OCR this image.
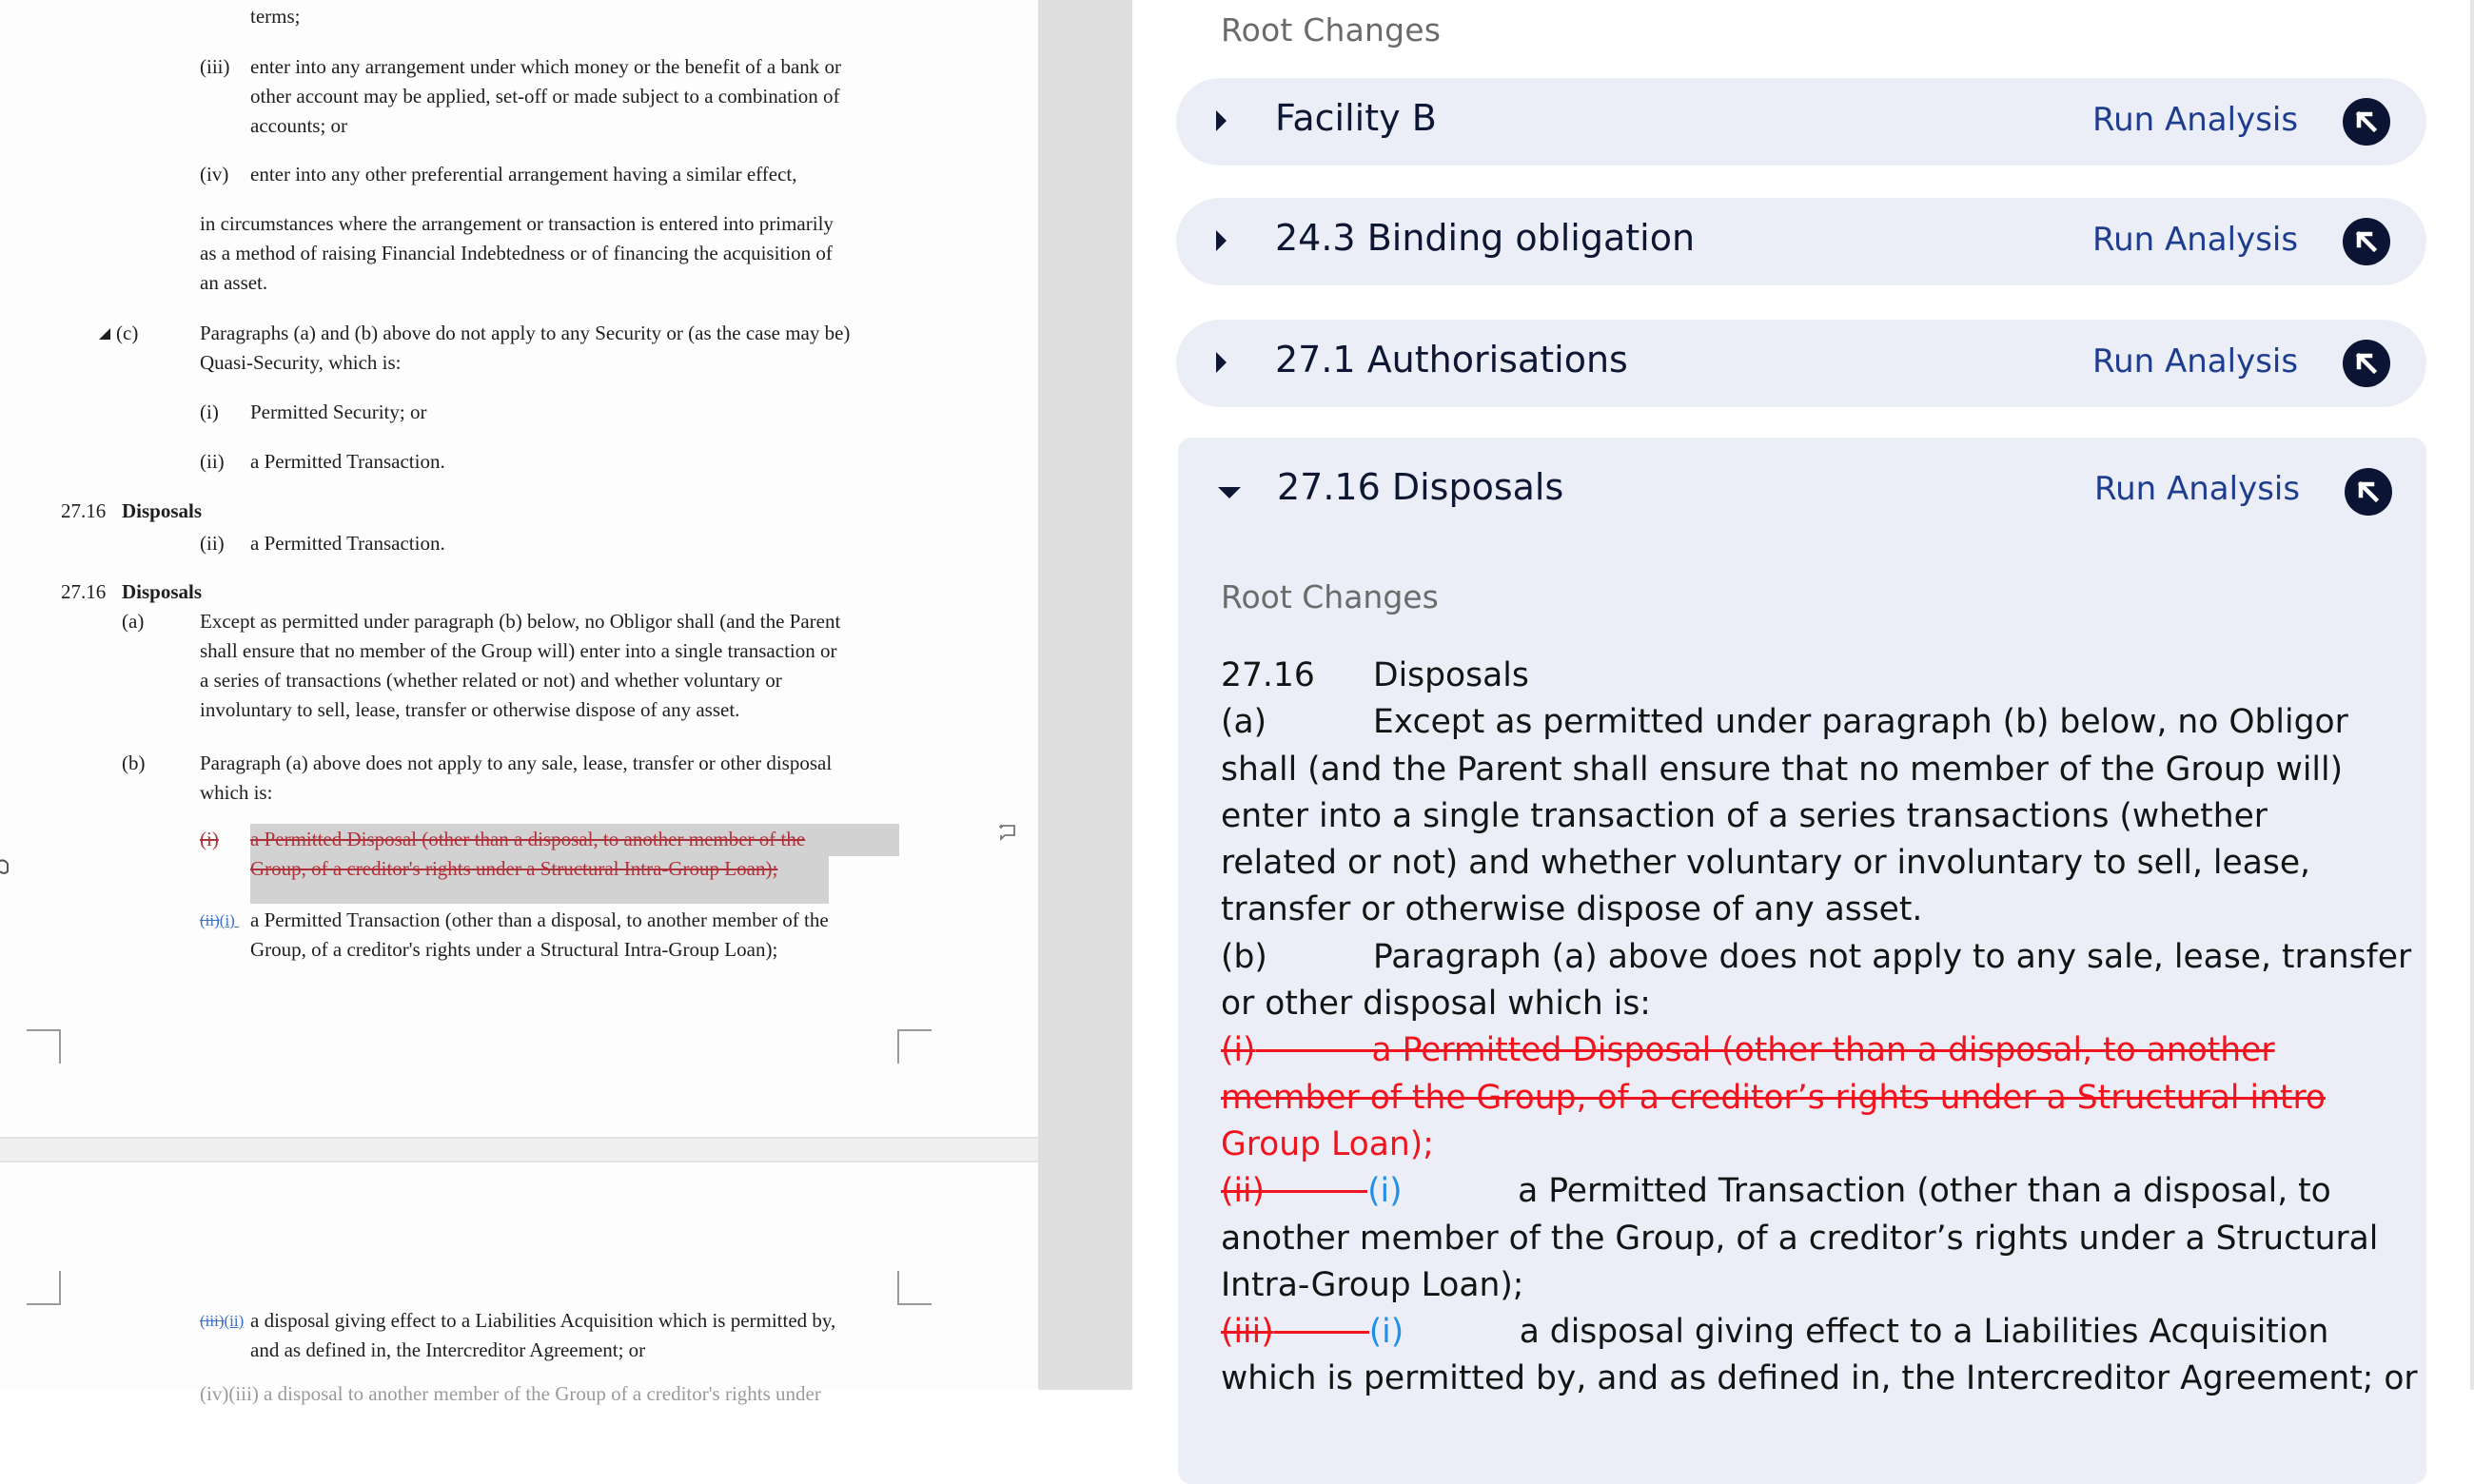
terms;
(iii) enter into any arrangement under which money or the benefit of a bank or
other account may be applied, set-off or made subject to a combination of
accounts; or
(iv) enter into any other preferential arrangement having a similar effect,
in circumstances where the arrangement or transaction is entered into primarily
as a method of raising Financial Indebtedness or of financing the acquisition of
an asset.
(c)	Paragraphs (a) and (b) above do not apply to any Security or (as the case may be)
Quasi-Security, which is:
(i) Permitted Security; or
(ii) a Permitted Transaction.
27.16 Disposals
(ii) a Permitted Transaction.
27.16 Disposals
(a)	Except as permitted under paragraph (b) below, no Obligor shall (and the Parent
shall ensure that no member of the Group will) enter into a single transaction or
a series of transactions (whether related or not) and whether voluntary or
involuntary to sell, lease, transfer or otherwise dispose of any asset.
(b)	Paragraph (a) above does not apply to any sale, lease, transfer or other disposal
which is:
(i) a Permitted Disposal (other than a disposal, to another member of the
Group, of a creditor's rights under a Structural Intra-Group Loan);
(ii)(i) a Permitted Transaction (other than a disposal, to another member of the
Group, of a creditor's rights under a Structural Intra-Group Loan);
(iii)(ii) a disposal giving effect to a Liabilities Acquisition which is permitted by,
and as defined in, the Intercreditor Agreement; or
(iv)(iii) a disposal to another member of the Group of a creditor's rights under
Root Changes
Facility B	Run Analysis
24.3 Binding obligation	Run Analysis
27.1 Authorisations	Run Analysis
27.16 Disposals	Run Analysis
Root Changes
27.16 Disposals
(a)	Except as permitted under paragraph (b) below, no Obligor
shall (and the Parent shall ensure that no member of the Group will)
enter into a single transaction of a series transactions (whether
related or not) and whether voluntary or involuntary to sell, lease,
transfer or otherwise dispose of any asset.
(b)	Paragraph (a) above does not apply to any sale, lease, transfer
or other disposal which is:
(i)	a Permitted Disposal (other than a disposal, to another
member of the Group, of a creditor’s rights under a Structural intro
Group Loan);
(ii)	(i)	a Permitted Transaction (other than a disposal, to
another member of the Group, of a creditor’s rights under a Structural
Intra-Group Loan);
(iii)	(i)	a disposal giving effect to a Liabilities Acquisition
which is permitted by, and as defined in, the Intercreditor Agreement; or
